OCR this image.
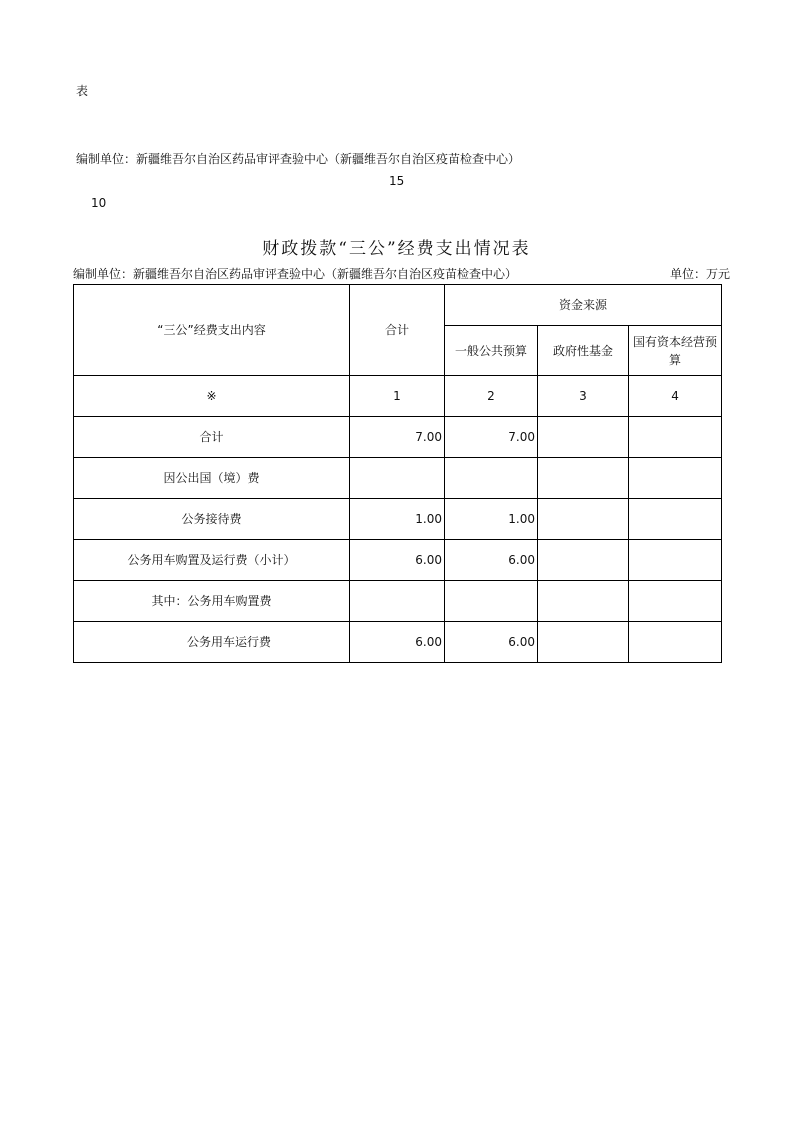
表
编制单位：新疆维吾尔自治区药品审评查验中心（新疆维吾尔自治区疫苗检查中心）
15
10
财政拨款“三公”经费支出情况表
编制单位：新疆维吾尔自治区药品审评查验中心（新疆维吾尔自治区疫苗检查中心）	单位：万元
“三公”经费支出内容	合计	资金来源		
		一般公共预算	政府性基金	国有资本经营预算
※	1	2	3	4
合计	7.00	7.00		
因公出国（境）费				
公务接待费	1.00	1.00		
公务用车购置及运行费（小计）	6.00	6.00		
其中：公务用车购置费				
公务用车运行费	6.00	6.00		
